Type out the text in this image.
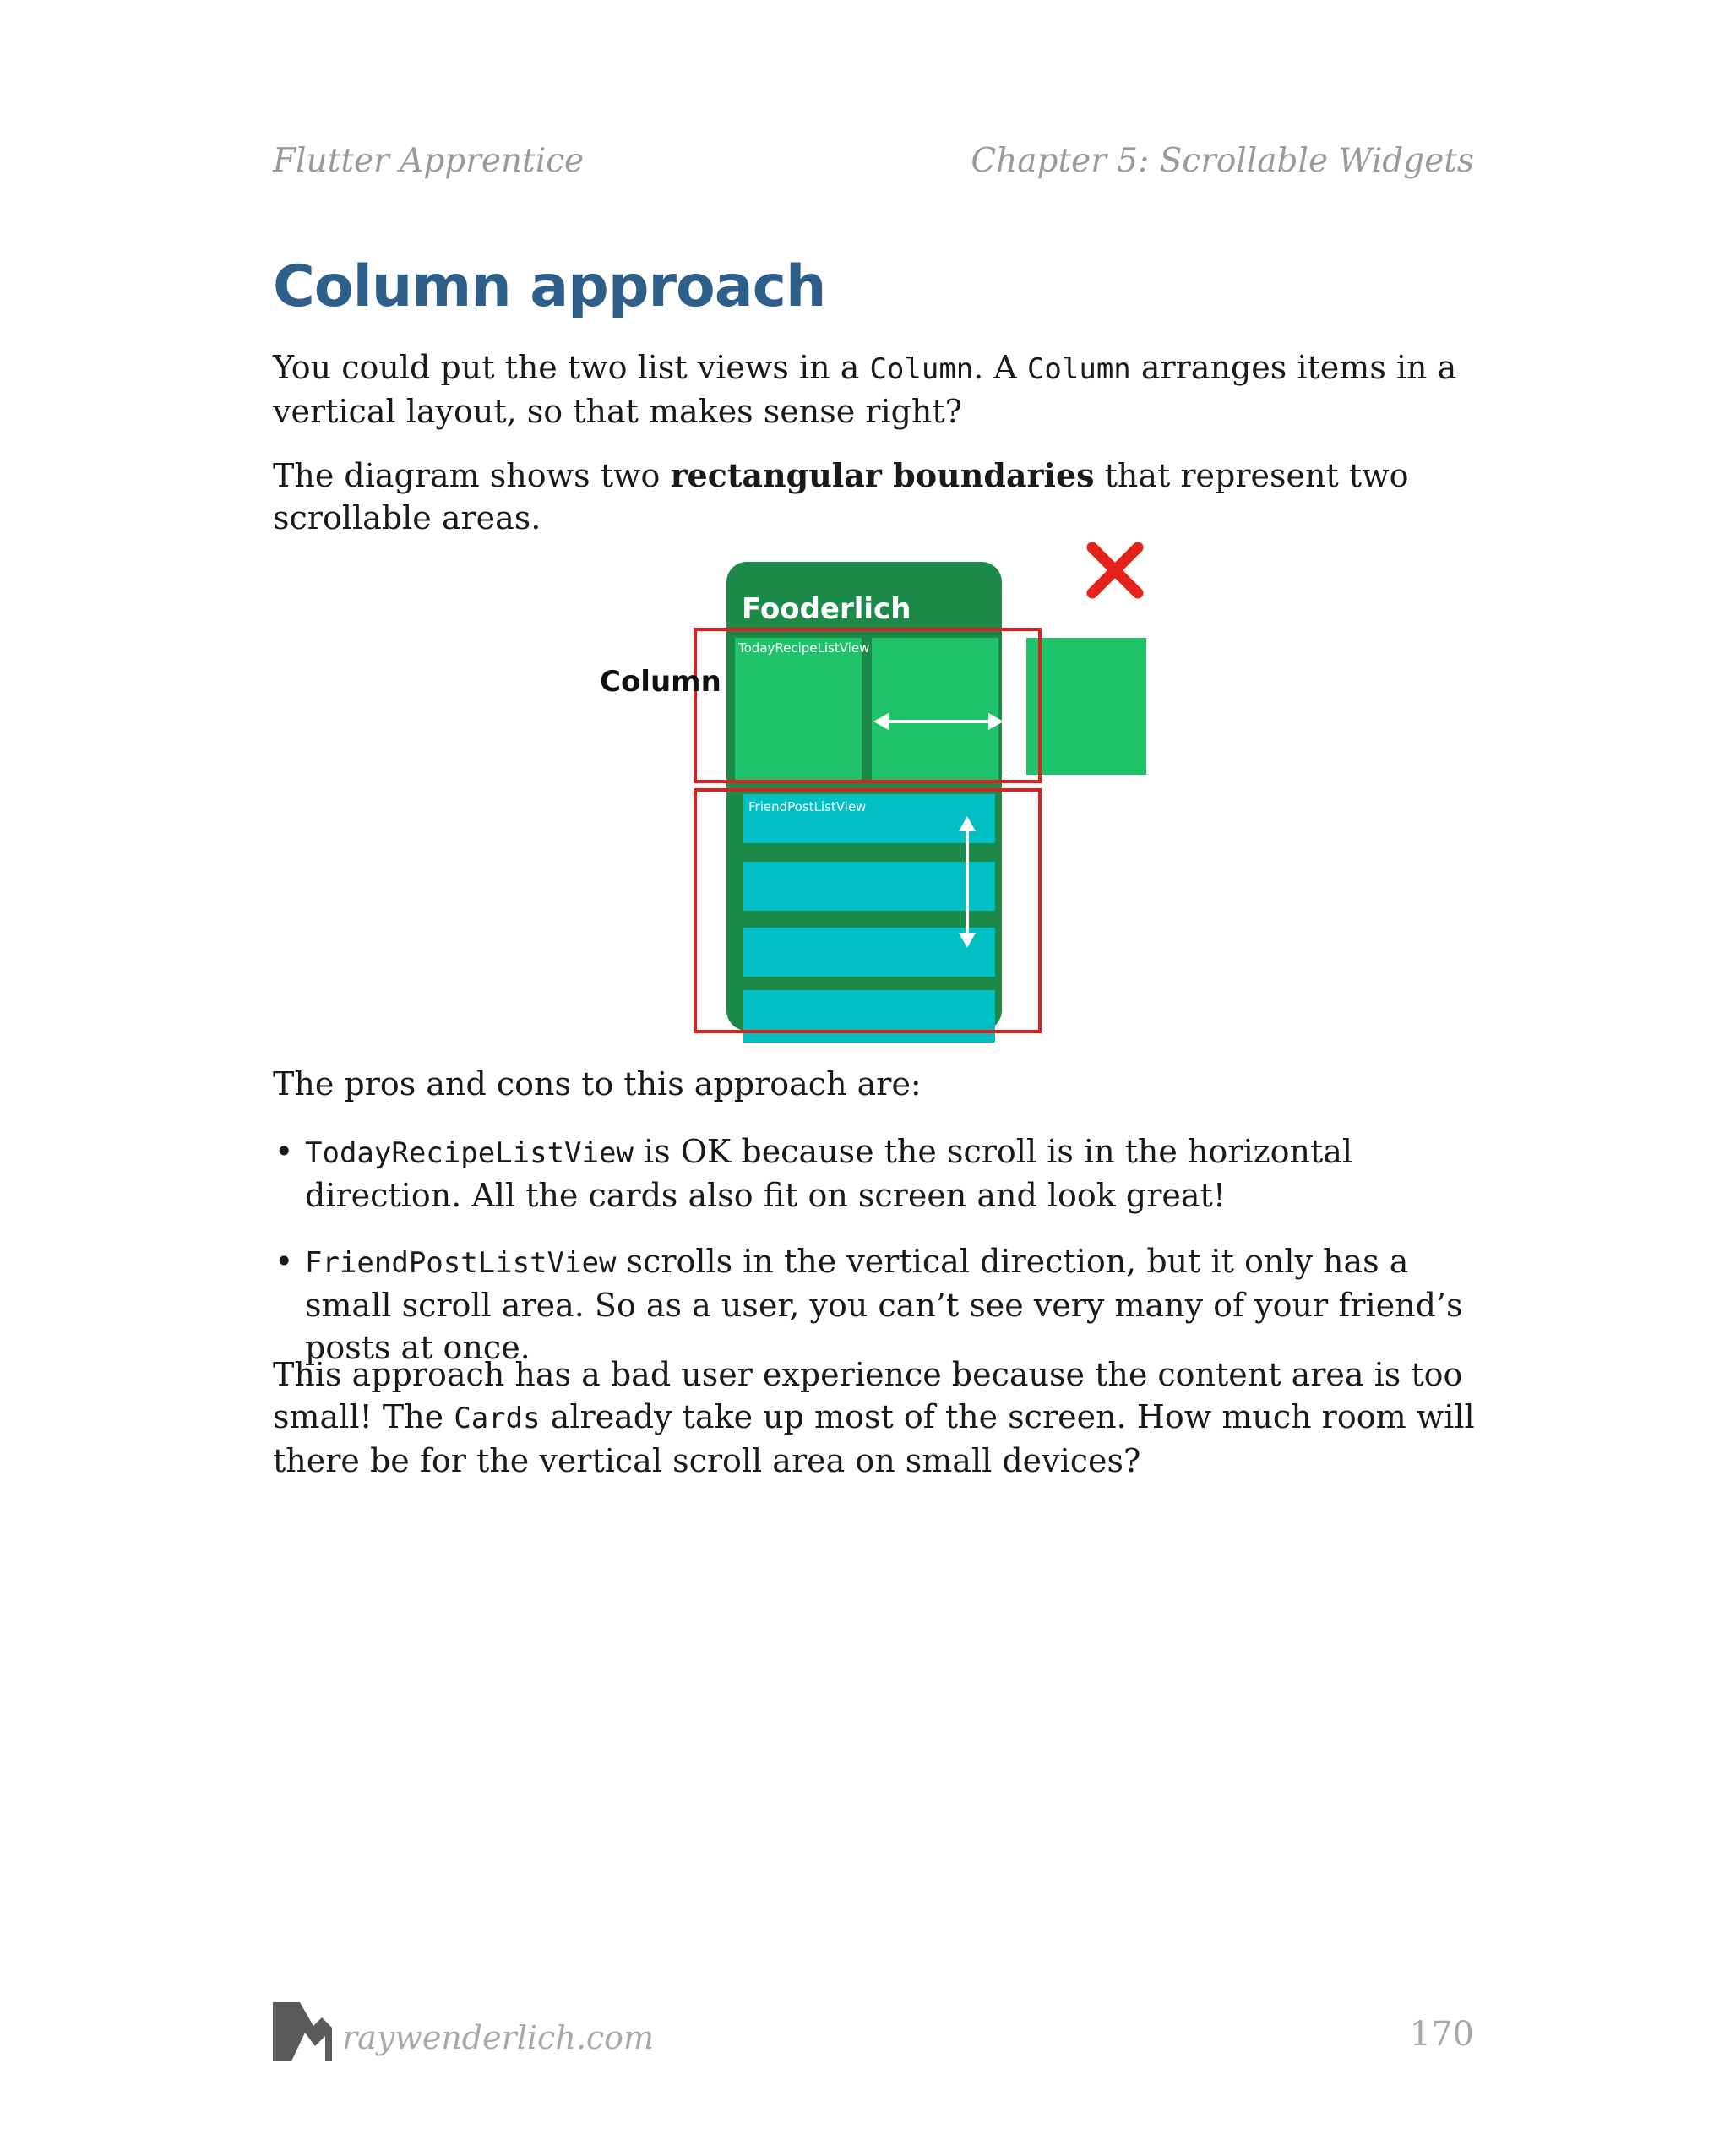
Flutter Apprentice	Chapter 5: Scrollable Widgets
Column approach

You could put the two list views in a Column. A Column arranges items in a vertical layout, so that makes sense right?

The diagram shows two rectangular boundaries that represent two scrollable areas.

Fooderlich
TodayRecipeListView
FriendPostListView
Column

The pros and cons to this approach are:

• TodayRecipeListView is OK because the scroll is in the horizontal direction. All the cards also fit on screen and look great!
• FriendPostListView scrolls in the vertical direction, but it only has a small scroll area. So as a user, you can’t see very many of your friend’s posts at once.

This approach has a bad user experience because the content area is too small! The Cards already take up most of the screen. How much room will there be for the vertical scroll area on small devices?

raywenderlich.com	170
